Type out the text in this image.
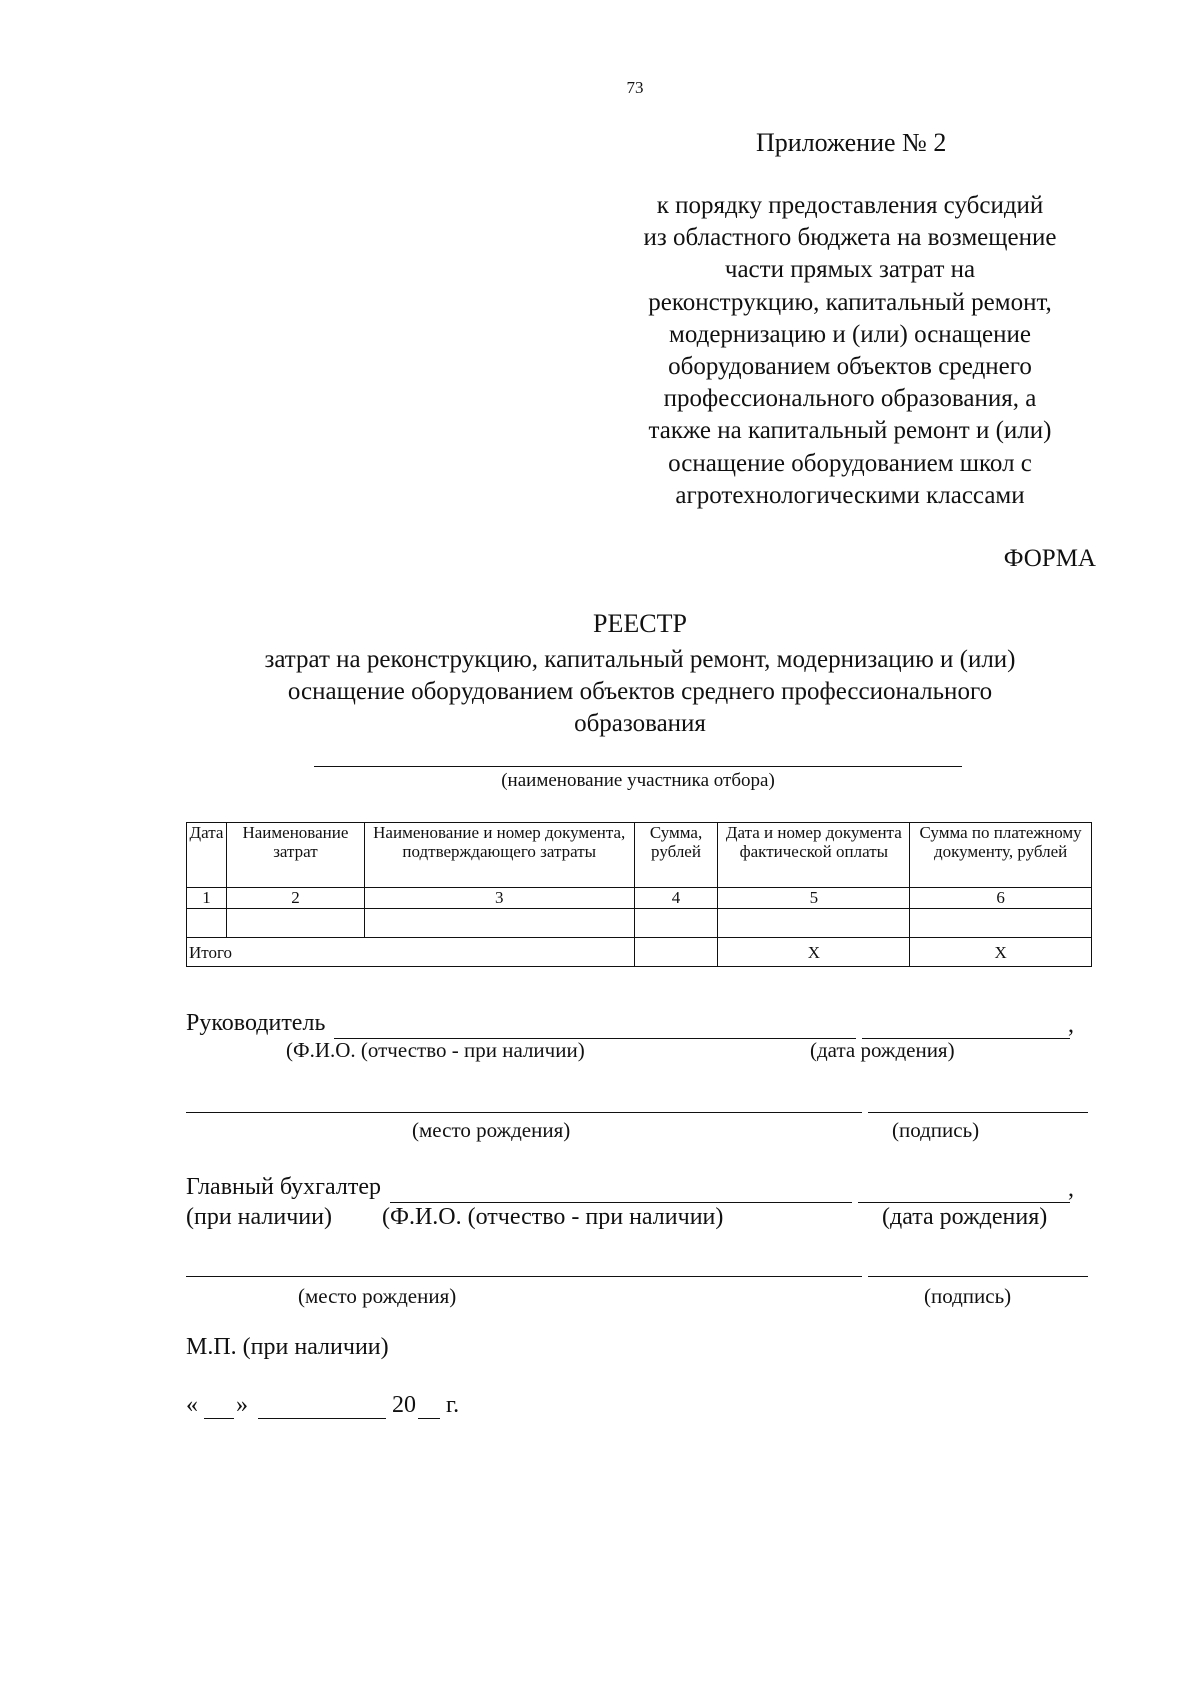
73
Приложение № 2
к порядку предоставления субсидий
из областного бюджета на возмещение
части прямых затрат на
реконструкцию, капитальный ремонт,
модернизацию и (или) оснащение
оборудованием объектов среднего
профессионального образования, а
также на капитальный ремонт и (или)
оснащение оборудованием школ с
агротехнологическими классами
ФОРМА
РЕЕСТР
затрат на реконструкцию, капитальный ремонт, модернизацию и (или)
оснащение оборудованием объектов среднего профессионального
образования
(наименование участника отбора)
Дата	Наименование затрат	Наименование и номер документа, подтверждающего затраты	Сумма, рублей	Дата и номер документа фактической оплаты	Сумма по платежному документу, рублей
1	2	3	4	5	6

Итого				Х	Х
Руководитель	,
(Ф.И.О. (отчество - при наличии)	(дата рождения)
(место рождения)	(подпись)
Главный бухгалтер	,
(при наличии) (Ф.И.О. (отчество - при наличии)	(дата рождения)
(место рождения)	(подпись)
М.П. (при наличии)
« »	20 г.
